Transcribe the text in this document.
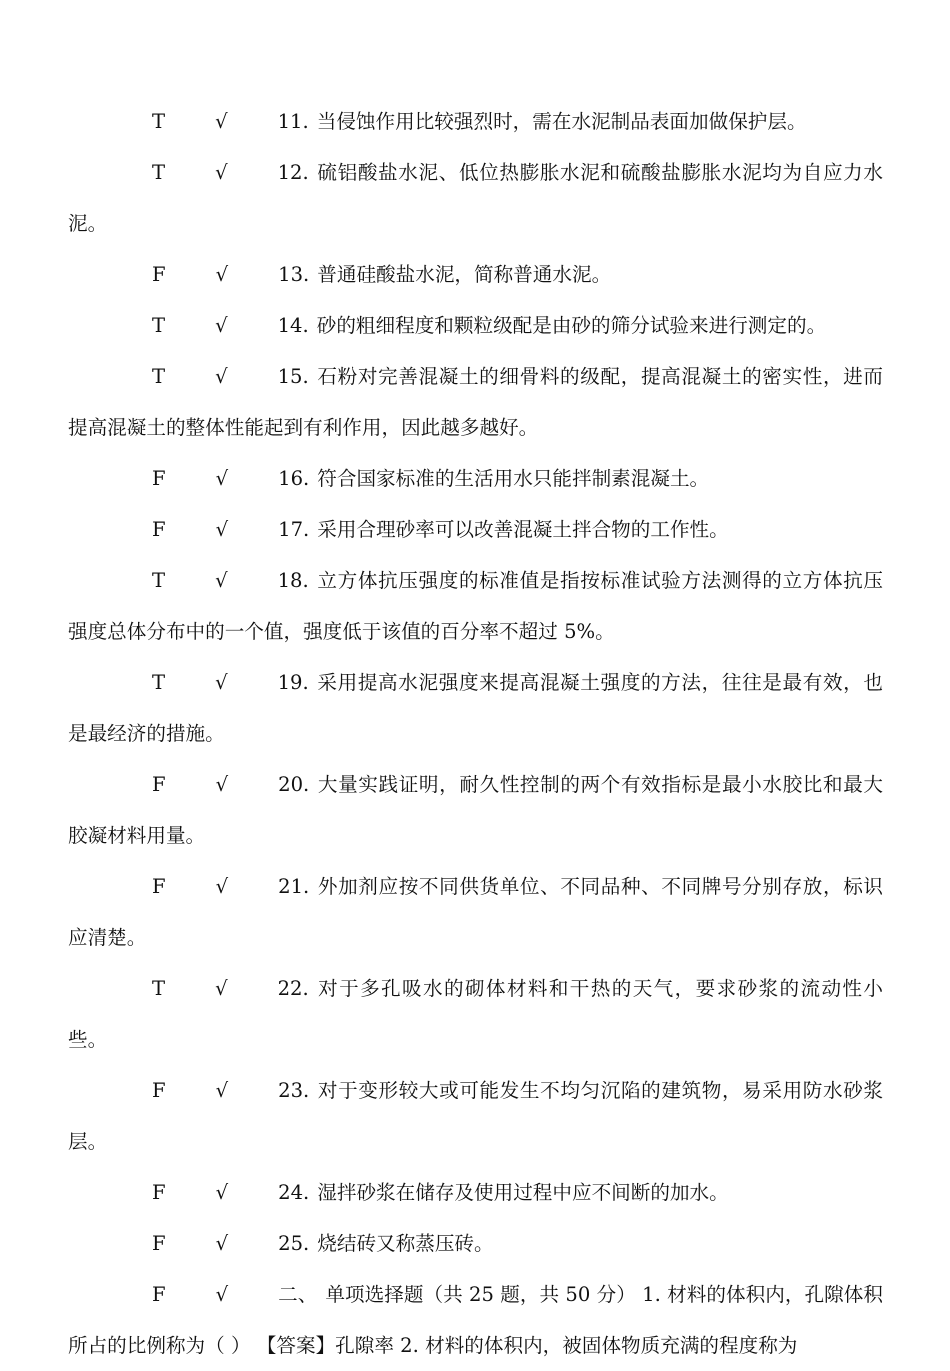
T	√	11. 当侵蚀作用比较强烈时，需在水泥制品表面加做保护层。

T	√	12. 硫铝酸盐水泥、低位热膨胀水泥和硫酸盐膨胀水泥均为自应力水泥。

F	√	13. 普通硅酸盐水泥，简称普通水泥。

T	√	14. 砂的粗细程度和颗粒级配是由砂的筛分试验来进行测定的。

T	√	15. 石粉对完善混凝土的细骨料的级配，提高混凝土的密实性，进而提高混凝土的整体性能起到有利作用，因此越多越好。

F	√	16. 符合国家标准的生活用水只能拌制素混凝土。

F	√	17. 采用合理砂率可以改善混凝土拌合物的工作性。

T	√	18. 立方体抗压强度的标准值是指按标准试验方法测得的立方体抗压强度总体分布中的一个值，强度低于该值的百分率不超过 5%。

T	√	19. 采用提高水泥强度来提高混凝土强度的方法，往往是最有效，也是最经济的措施。

F	√	20. 大量实践证明，耐久性控制的两个有效指标是最小水胶比和最大胶凝材料用量。

F	√	21. 外加剂应按不同供货单位、不同品种、不同牌号分别存放，标识应清楚。

T	√	22. 对于多孔吸水的砌体材料和干热的天气，要求砂浆的流动性小些。

F	√	23. 对于变形较大或可能发生不均匀沉陷的建筑物，易采用防水砂浆层。

F	√	24. 湿拌砂浆在储存及使用过程中应不间断的加水。

F	√	25. 烧结砖又称蒸压砖。

F	√	二、 单项选择题（共 25 题，共 50 分） 1. 材料的体积内，孔隙体积所占的比例称为（ ） 【答案】孔隙率 2. 材料的体积内，被固体物质充满的程度称为
